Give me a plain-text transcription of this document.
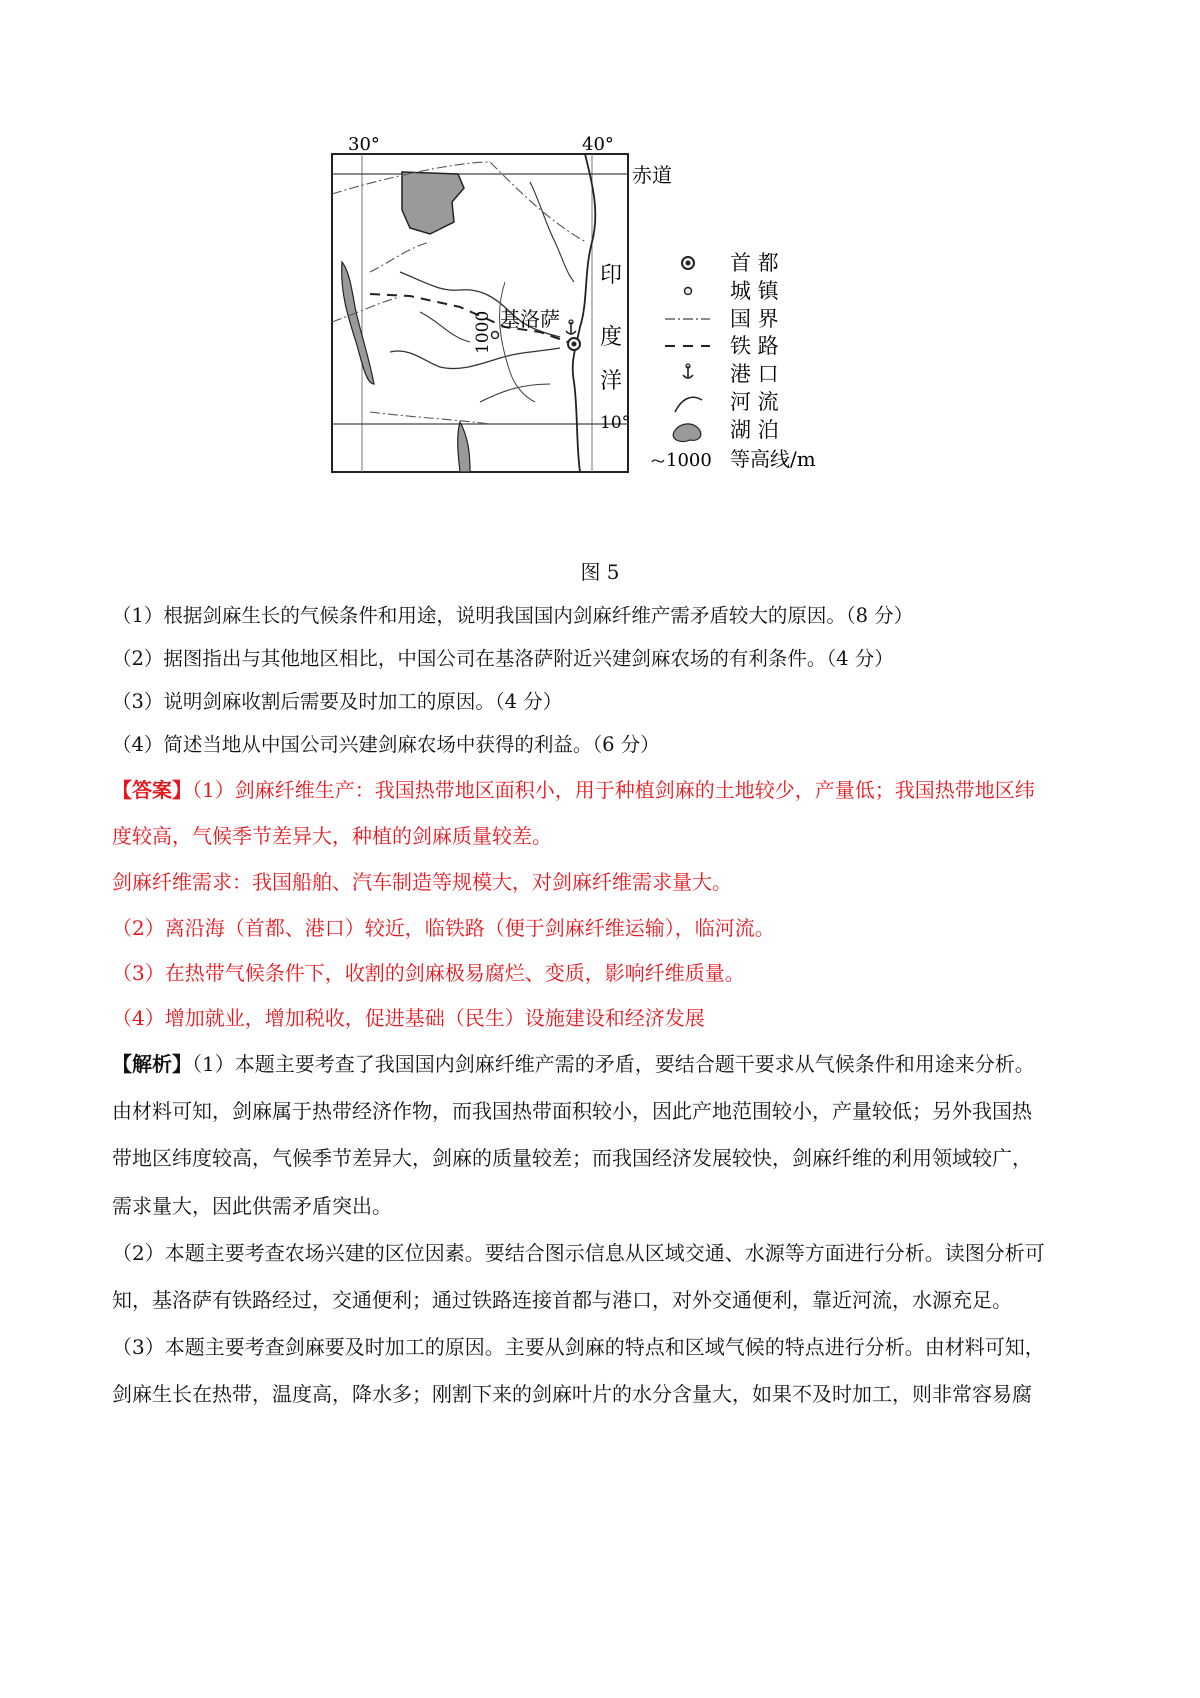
30°	40°
赤道
10°
印
度
洋
基洛萨
1000
首 都
城 镇
国 界
铁 路
港 口
河 流
湖 泊
1000 等高线/m
图 5
（1）根据剑麻生长的气候条件和用途，说明我国国内剑麻纤维产需矛盾较大的原因。（8 分）
（2）据图指出与其他地区相比，中国公司在基洛萨附近兴建剑麻农场的有利条件。（4 分）
（3）说明剑麻收割后需要及时加工的原因。（4 分）
（4）简述当地从中国公司兴建剑麻农场中获得的利益。（6 分）
【答案】（1）剑麻纤维生产：我国热带地区面积小，用于种植剑麻的土地较少，产量低；我国热带地区纬
度较高，气候季节差异大，种植的剑麻质量较差。
剑麻纤维需求：我国船舶、汽车制造等规模大，对剑麻纤维需求量大。
（2）离沿海（首都、港口）较近，临铁路（便于剑麻纤维运输），临河流。
（3）在热带气候条件下，收割的剑麻极易腐烂、变质，影响纤维质量。
（4）增加就业，增加税收，促进基础（民生）设施建设和经济发展
【解析】（1）本题主要考查了我国国内剑麻纤维产需的矛盾，要结合题干要求从气候条件和用途来分析。
由材料可知，剑麻属于热带经济作物，而我国热带面积较小，因此产地范围较小，产量较低；另外我国热
带地区纬度较高，气候季节差异大，剑麻的质量较差；而我国经济发展较快，剑麻纤维的利用领域较广，
需求量大，因此供需矛盾突出。
（2）本题主要考查农场兴建的区位因素。要结合图示信息从区域交通、水源等方面进行分析。读图分析可
知，基洛萨有铁路经过，交通便利；通过铁路连接首都与港口，对外交通便利，靠近河流，水源充足。
（3）本题主要考查剑麻要及时加工的原因。主要从剑麻的特点和区域气候的特点进行分析。由材料可知，
剑麻生长在热带，温度高，降水多；刚割下来的剑麻叶片的水分含量大，如果不及时加工，则非常容易腐
